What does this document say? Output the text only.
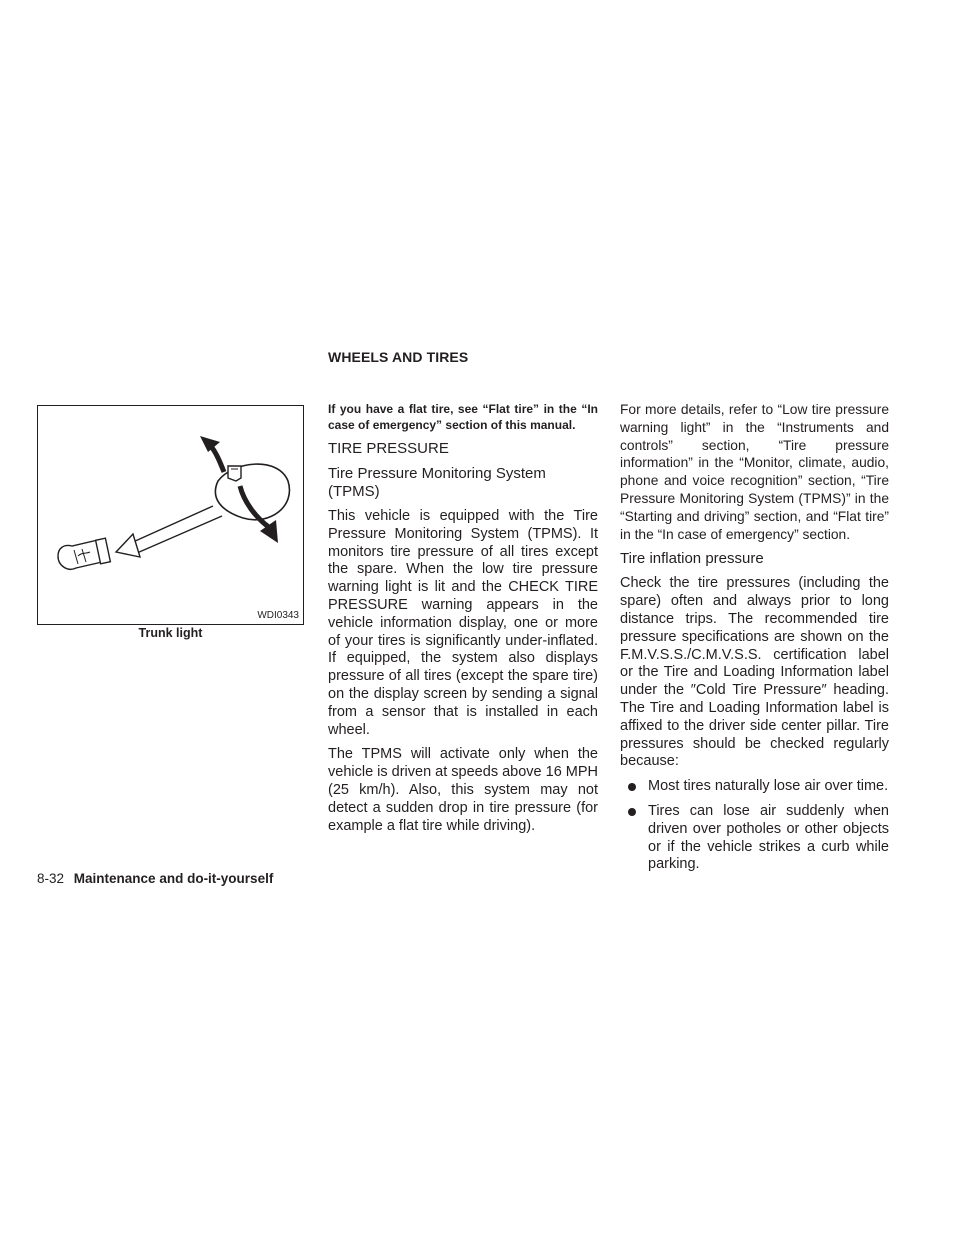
WHEELS AND TIRES
WDI0343
Trunk light

If you have a flat tire, see “Flat tire” in the “In case of emergency” section of this manual.

TIRE PRESSURE
Tire Pressure Monitoring System (TPMS)

This vehicle is equipped with the Tire Pressure Monitoring System (TPMS). It monitors tire pressure of all tires except the spare. When the low tire pressure warning light is lit and the CHECK TIRE PRESSURE warning appears in the vehicle information display, one or more of your tires is significantly under-inflated. If equipped, the system also displays pressure of all tires (except the spare tire) on the display screen by sending a signal from a sensor that is installed in each wheel.

The TPMS will activate only when the vehicle is driven at speeds above 16 MPH (25 km/h). Also, this system may not detect a sudden drop in tire pressure (for example a flat tire while driving).

For more details, refer to “Low tire pressure warning light” in the “Instruments and controls” section, “Tire pressure information” in the “Monitor, climate, audio, phone and voice recognition” section, “Tire Pressure Monitoring System (TPMS)” in the “Starting and driving” section, and “Flat tire” in the “In case of emergency” section.

Tire inflation pressure

Check the tire pressures (including the spare) often and always prior to long distance trips. The recommended tire pressure specifications are shown on the F.M.V.S.S./C.M.V.S.S. certification label or the Tire and Loading Information label under the ″Cold Tire Pressure″ heading. The Tire and Loading Information label is affixed to the driver side center pillar. Tire pressures should be checked regularly because:

Most tires naturally lose air over time.
Tires can lose air suddenly when driven over potholes or other objects or if the vehicle strikes a curb while parking.
8-32 Maintenance and do-it-yourself
